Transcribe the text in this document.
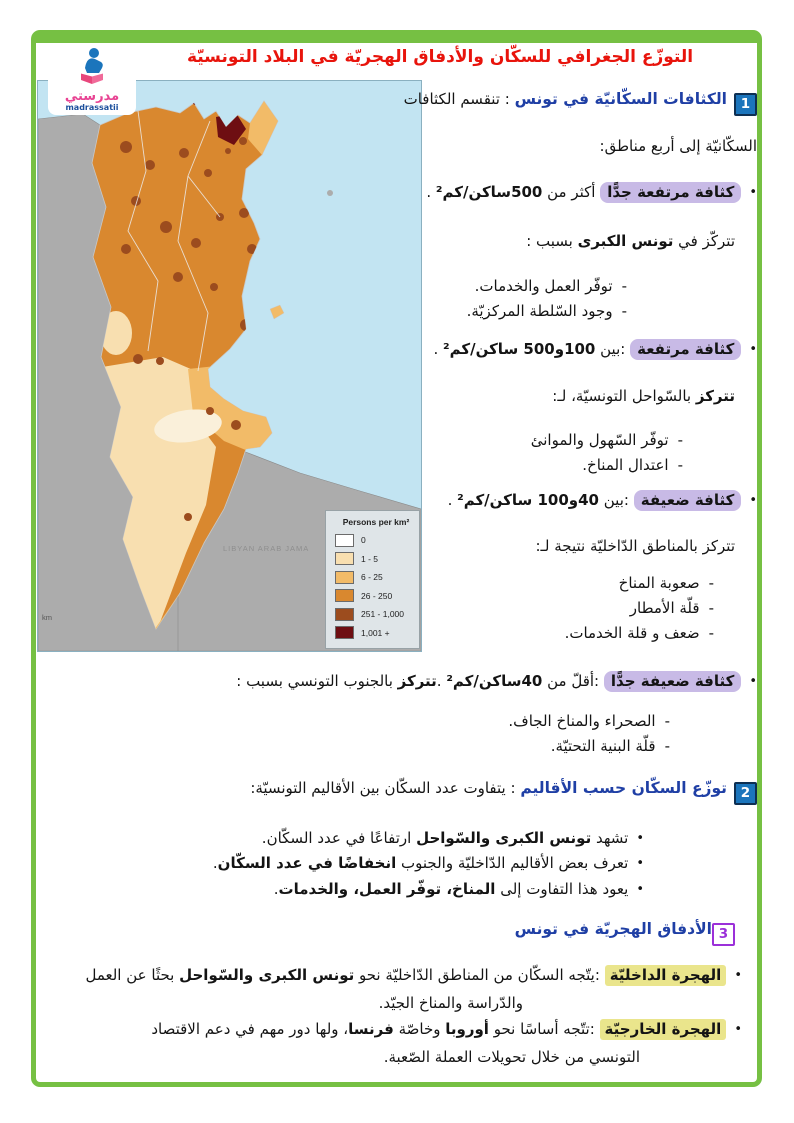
التوزّع الجغرافي للسكّان والأدفاق الهجريّة في البلاد التونسيّة
مدرستي
madrassatii
LIBYAN ARAB JAMA
km
Persons per km²
0
1 - 5
6 - 25
26 - 250
251 - 1,000
1,001 +
1الكثافات السكّانيّة في تونس : تنقسم الكثافات
السكّانيّة إلى أربع مناطق:
•كثافة مرتفعة جدًّا أكثر من 500ساكن/كم² .
تتركّز في تونس الكبرى بسبب :
-توفّر العمل والخدمات.
-وجود السّلطة المركزيّة.
•كثافة مرتفعة :بين 100و500 ساكن/كم² .
تتركز بالسّواحل التونسيّة، لـ:
-توفّر السّهول والموانئ
-اعتدال المناخ.
•كثافة ضعيفة :بين 40و100 ساكن/كم² .
تتركز بالمناطق الدّاخليّة نتيجة لـ:
-صعوبة المناخ
-قلّة الأمطار
-ضعف و قلة الخدمات.
•كثافة ضعيفة جدًّا :أقلّ من 40ساكن/كم² .تتركز بالجنوب التونسي بسبب :
-الصحراء والمناخ الجاف.
-قلّة البنية التحتيّة.
2توزّع السكّان حسب الأقاليم : يتفاوت عدد السكّان بين الأقاليم التونسيّة:
•تشهد تونس الكبرى والسّواحل ارتفاعًا في عدد السكّان.
•تعرف بعض الأقاليم الدّاخليّة والجنوب انخفاضًا في عدد السكّان.
•يعود هذا التفاوت إلى المناخ، توفّر العمل، والخدمات.
3الأدفاق الهجريّة في تونس
•الهجرة الداخليّة :يتّجه السكّان من المناطق الدّاخليّة نحو تونس الكبرى والسّواحل بحثًا عن العمل
والدّراسة والمناخ الجيّد.
•الهجرة الخارجيّة :تتّجه أساسًا نحو أوروبا وخاصّة فرنسا، ولها دور مهم في دعم الاقتصاد
التونسي من خلال تحويلات العملة الصّعبة.
